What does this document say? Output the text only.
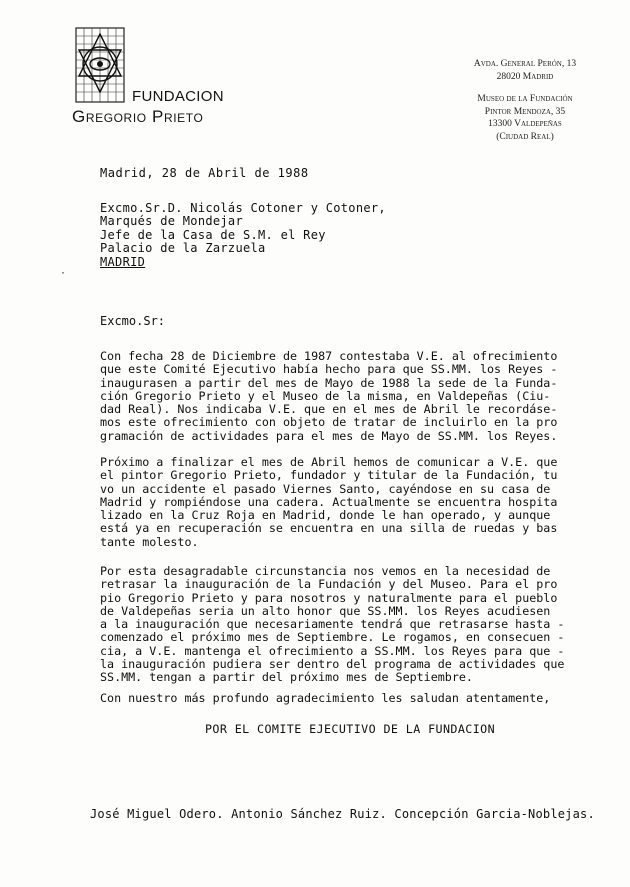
FUNDACION
Gregorio Prieto
Avda. General Perón, 13
28020 Madrid
Museo de la Fundación
Pintor Mendoza, 35
13300 Valdepeñas
(Ciudad Real)
Madrid, 28 de Abril de 1988
Excmo.Sr.D. Nicolás Cotoner y Cotoner,
Marqués de Mondejar
Jefe de la Casa de S.M. el Rey
Palacio de la Zarzuela
MADRID
·
Excmo.Sr:
Con fecha 28 de Diciembre de 1987 contestaba V.E. al ofrecimiento
que este Comité Ejecutivo había hecho para que SS.MM. los Reyes -
inaugurasen a partir del mes de Mayo de 1988 la sede de la Funda-
ción Gregorio Prieto y el Museo de la misma, en Valdepeñas (Ciu-
dad Real). Nos indicaba V.E. que en el mes de Abril le recordáse-
mos este ofrecimiento con objeto de tratar de incluirlo en la pro
gramación de actividades para el mes de Mayo de SS.MM. los Reyes.
Próximo a finalizar el mes de Abril hemos de comunicar a V.E. que
el pintor Gregorio Prieto, fundador y titular de la Fundación, tu
vo un accidente el pasado Viernes Santo, cayéndose en su casa de
Madrid y rompiéndose una cadera. Actualmente se encuentra hospita
lizado en la Cruz Roja en Madrid, donde le han operado, y aunque
está ya en recuperación se encuentra en una silla de ruedas y bas
tante molesto.
Por esta desagradable circunstancia nos vemos en la necesidad de
retrasar la inauguración de la Fundación y del Museo. Para el pro
pio Gregorio Prieto y para nosotros y naturalmente para el pueblo
de Valdepeñas seria un alto honor que SS.MM. los Reyes acudiesen
a la inauguración que necesariamente tendrá que retrasarse hasta -
comenzado el próximo mes de Septiembre. Le rogamos, en consecuen -
cia, a V.E. mantenga el ofrecimiento a SS.MM. los Reyes para que -
la inauguración pudiera ser dentro del programa de actividades que
SS.MM. tengan a partir del próximo mes de Septiembre.
Con nuestro más profundo agradecimiento les saludan atentamente,
POR EL COMITE EJECUTIVO DE LA FUNDACION
José Miguel Odero. Antonio Sánchez Ruiz. Concepción Garcia-Noblejas.
